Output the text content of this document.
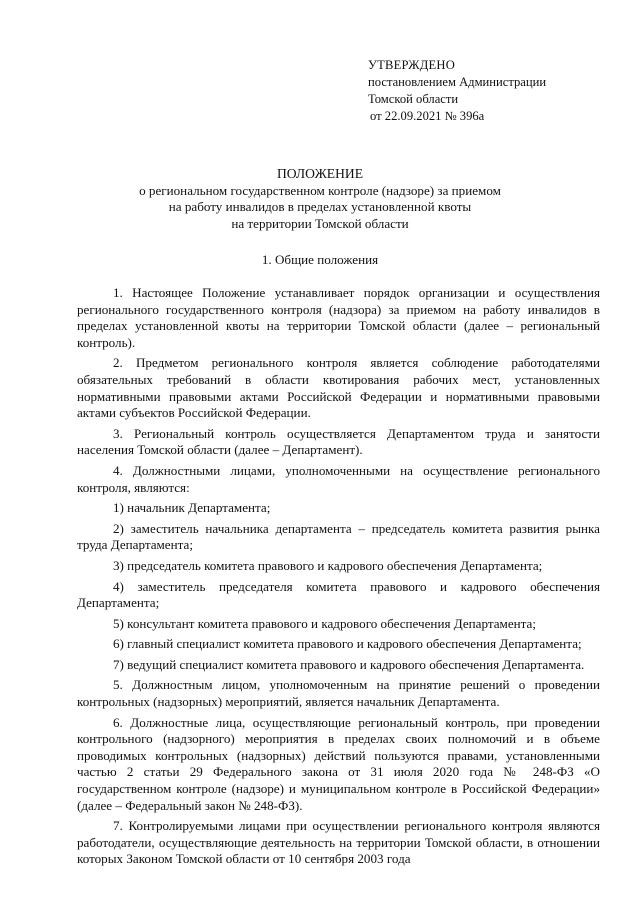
УТВЕРЖДЕНО
постановлением Администрации
Томской области
от 22.09.2021 № 396а
ПОЛОЖЕНИЕ
о региональном государственном контроле (надзоре) за приемом
на работу инвалидов в пределах установленной квоты
на территории Томской области
1. Общие положения

1. Настоящее Положение устанавливает порядок организации и осуществления регионального государственного контроля (надзора) за приемом на работу инвалидов в пределах установленной квоты на территории Томской области (далее – региональный контроль).

2. Предметом регионального контроля является соблюдение работодателями обязательных требований в области квотирования рабочих мест, установленных нормативными правовыми актами Российской Федерации и нормативными правовыми актами субъектов Российской Федерации.

3. Региональный контроль осуществляется Департаментом труда и занятости населения Томской области (далее – Департамент).

4. Должностными лицами, уполномоченными на осуществление регионального контроля, являются:

1) начальник Департамента;

2) заместитель начальника департамента – председатель комитета развития рынка труда Департамента;

3) председатель комитета правового и кадрового обеспечения Департамента;

4) заместитель председателя комитета правового и кадрового обеспечения Департамента;

5) консультант комитета правового и кадрового обеспечения Департамента;

6) главный специалист комитета правового и кадрового обеспечения Департамента;

7) ведущий специалист комитета правового и кадрового обеспечения Департамента.

5. Должностным лицом, уполномоченным на принятие решений о проведении контрольных (надзорных) мероприятий, является начальник Департамента.

6. Должностные лица, осуществляющие региональный контроль, при проведении контрольного (надзорного) мероприятия в пределах своих полномочий и в объеме проводимых контрольных (надзорных) действий пользуются правами, установленными частью 2 статьи 29 Федерального закона от 31 июля 2020 года № 248-ФЗ «О государственном контроле (надзоре) и муниципальном контроле в Российской Федерации» (далее – Федеральный закон № 248-ФЗ).

7. Контролируемыми лицами при осуществлении регионального контроля являются работодатели, осуществляющие деятельность на территории Томской области, в отношении которых Законом Томской области от 10 сентября 2003 года
